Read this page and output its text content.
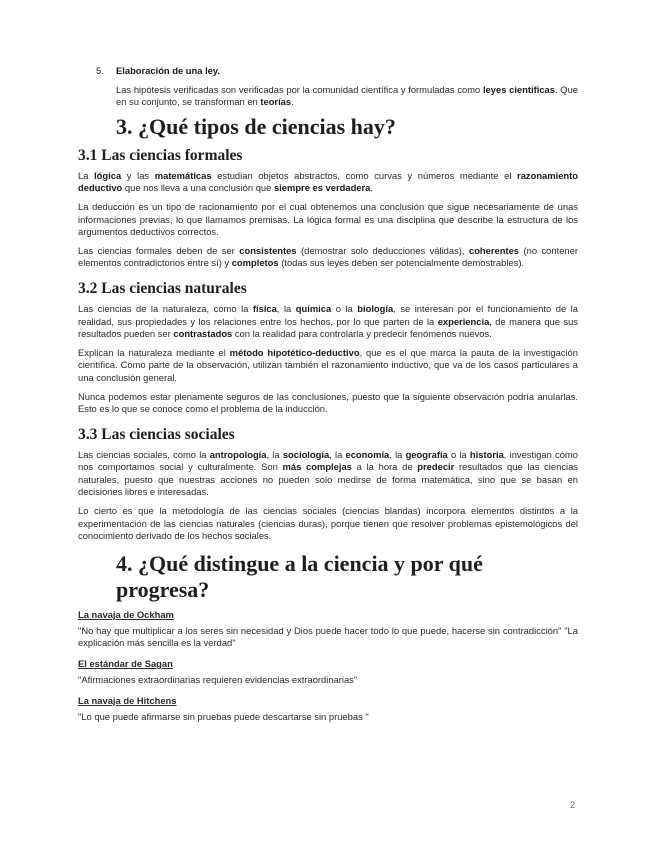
5. Elaboración de una ley.

Las hipótesis verificadas son verificadas por la comunidad científica y formuladas como leyes científicas. Que en su conjunto, se transforman en teorías.

3. ¿Qué tipos de ciencias hay?
3.1 Las ciencias formales

La lógica y las matemáticas estudian objetos abstractos, como curvas y números mediante el razonamiento deductivo que nos lleva a una conclusión que siempre es verdadera.

La deducción es un tipo de racionamiento por el cual obtenemos una conclusión que sigue necesariamente de unas informaciones previas, lo que llamamos premisas. La lógica formal es una disciplina que describe la estructura de los argumentos deductivos correctos.

Las ciencias formales deben de ser consistentes (demostrar solo deducciones válidas), coherentes (no contener elementos contradictorios entre sí) y completos (todas sus leyes deben ser potencialmente demostrables).

3.2 Las ciencias naturales

Las ciencias de la naturaleza, como la física, la química o la biología, se interesan por el funcionamiento de la realidad, sus propiedades y los relaciones entre los hechos, por lo que parten de la experiencia, de manera que sus resultados pueden ser contrastados con la realidad para controlarla y predecir fenómenos nuevos.

Explican la naturaleza mediante el método hipotético-deductivo, que es el que marca la pauta de la investigación científica. Como parte de la observación, utilizan también el razonamiento inductivo, que va de los casos particulares a una conclusión general.

Nunca podemos estar plenamente seguros de las conclusiones, puesto que la siguiente observación podría anularlas. Esto es lo que se conoce como el problema de la inducción.

3.3 Las ciencias sociales

Las ciencias sociales, como la antropología, la sociología, la economía, la geografía o la historia, investigan cómo nos comportamos social y culturalmente. Son más complejas a la hora de predecir resultados que las ciencias naturales, puesto que nuestras acciones no pueden solo medirse de forma matemática, sino que se basan en decisiones libres e interesadas.

Lo cierto es que la metodología de las ciencias sociales (ciencias blandas) incorpora elementos distintos a la experimentación de las ciencias naturales (ciencias duras), porque tienen que resolver problemas epistemológicos del conocimiento derivado de los hechos sociales.

4. ¿Qué distingue a la ciencia y por qué progresa?
La navaja de Ockham

"No hay que multiplicar a los seres sin necesidad y Dios puede hacer todo lo que puede, hacerse sin contradicción" "La explicación más sencilla es la verdad"

El estándar de Sagan

"Afirmaciones extraordinarias requieren evidencias extraordinarias"

La navaja de Hitchens

"Lo que puede afirmarse sin pruebas puede descartarse sin pruebas "

2
